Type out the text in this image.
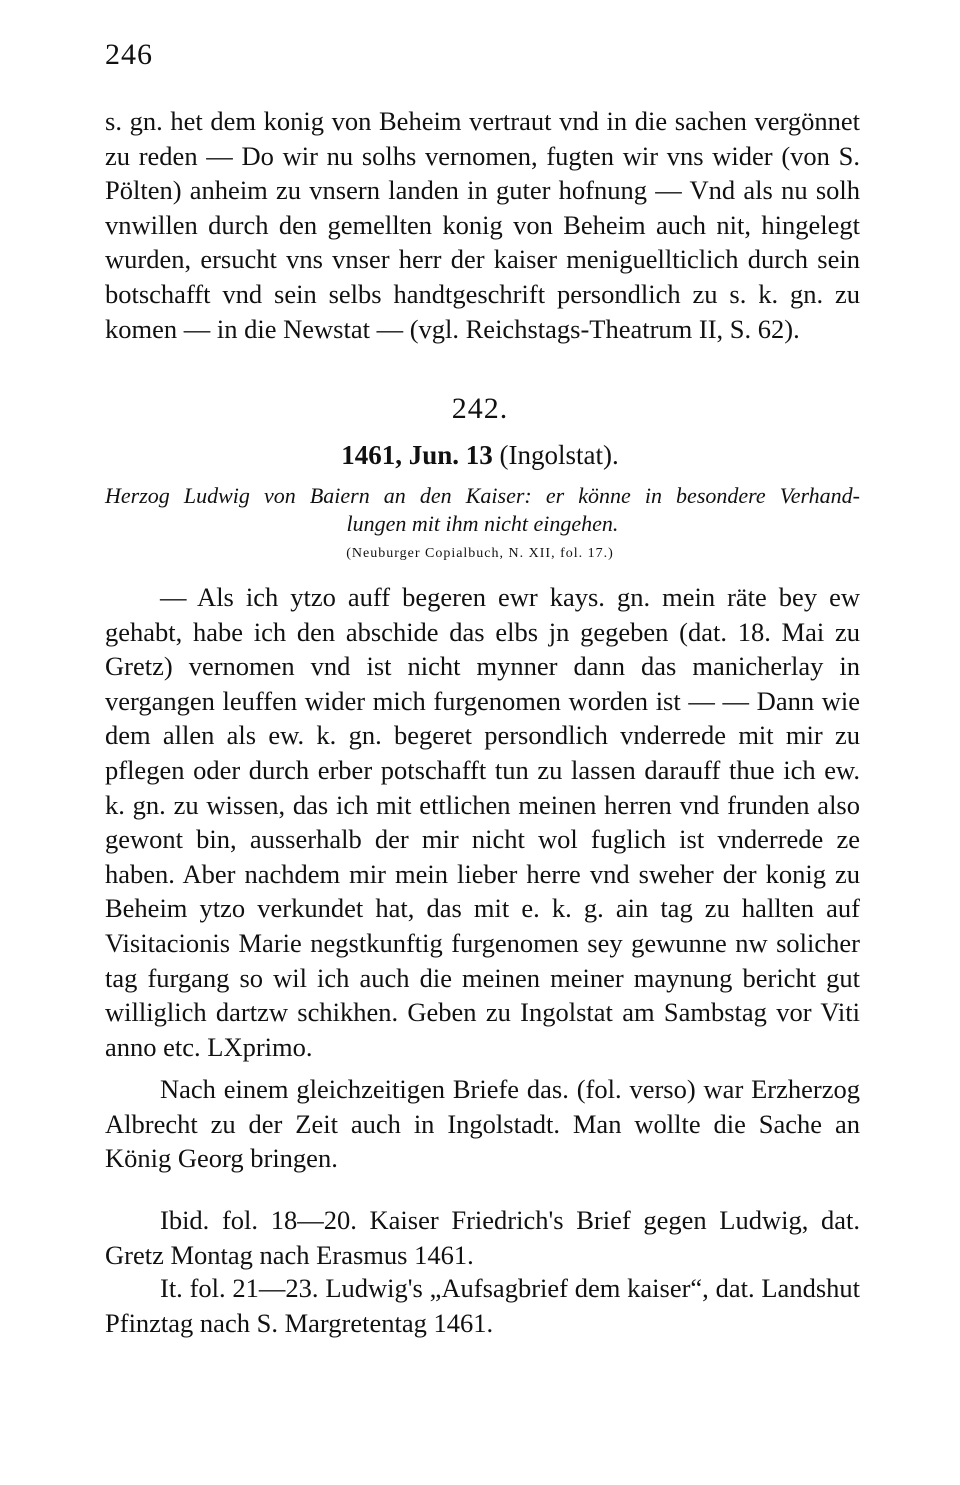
246
s. gn. het dem konig von Beheim vertraut vnd in die sachen vergönnet zu reden — Do wir nu solhs vernomen, fugten wir vns wider (von S. Pölten) anheim zu vnsern landen in guter hofnung — Vnd als nu solh vnwillen durch den gemellten konig von Beheim auch nit, hingelegt wurden, ersucht vns vnser herr der kaiser meniguellticlich durch sein botschafft vnd sein selbs handtgeschrift persondlich zu s. k. gn. zu komen — in die Newstat — (vgl. Reichstags-Theatrum II, S. 62).
242.
1461, Jun. 13 (Ingolstat).
Herzog Ludwig von Baiern an den Kaiser: er könne in besondere Verhand-
lungen mit ihm nicht eingehen.
(Neuburger Copialbuch, N. XII, fol. 17.)
— Als ich ytzo auff begeren ewr kays. gn. mein räte bey ew gehabt, habe ich den abschide das elbs jn gegeben (dat. 18. Mai zu Gretz) vernomen vnd ist nicht mynner dann das manicherlay in vergangen leuffen wider mich furgenomen worden ist — — Dann wie dem allen als ew. k. gn. begeret persondlich vnderrede mit mir zu pflegen oder durch erber potschafft tun zu lassen darauff thue ich ew. k. gn. zu wissen, das ich mit ettlichen meinen herren vnd frunden also gewont bin, ausserhalb der mir nicht wol fuglich ist vnderrede ze haben. Aber nachdem mir mein lieber herre vnd sweher der konig zu Beheim ytzo verkundet hat, das mit e. k. g. ain tag zu hallten auf Visitacionis Marie negstkunftig furgenomen sey gewunne nw solicher tag furgang so wil ich auch die meinen meiner maynung bericht gut williglich dartzw schikhen. Geben zu Ingolstat am Sambstag vor Viti anno etc. LXprimo.
Nach einem gleichzeitigen Briefe das. (fol. verso) war Erzherzog Albrecht zu der Zeit auch in Ingolstadt. Man wollte die Sache an König Georg bringen.
Ibid. fol. 18—20. Kaiser Friedrich's Brief gegen Ludwig, dat. Gretz Montag nach Erasmus 1461.
It. fol. 21—23. Ludwig's „Aufsagbrief dem kaiser“, dat. Landshut Pfinztag nach S. Margretentag 1461.
